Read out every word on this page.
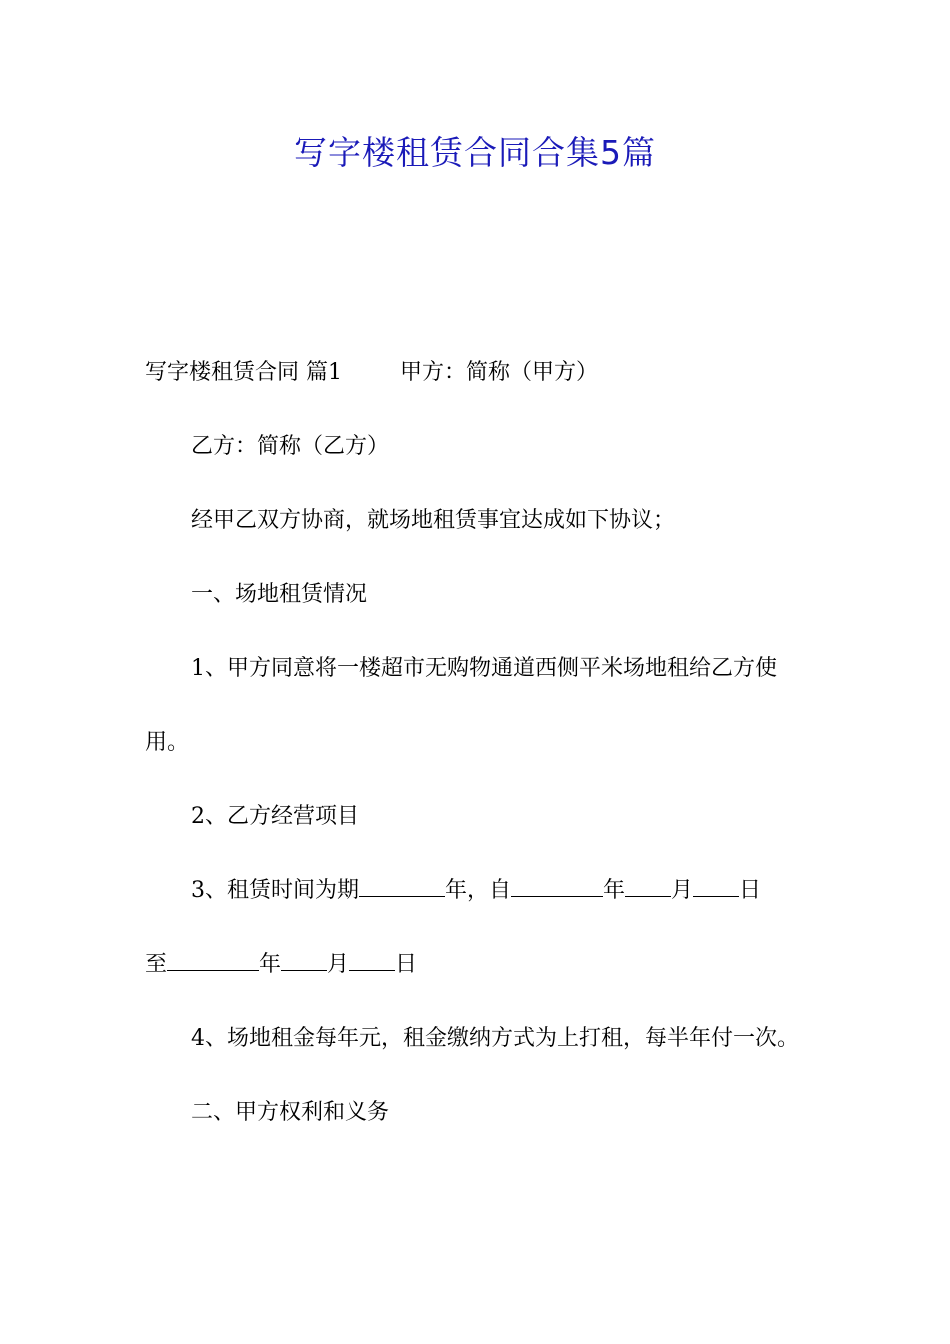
写字楼租赁合同合集5篇

写字楼租赁合同 篇1	甲方：简称（甲方）

乙方：简称（乙方）

经甲乙双方协商，就场地租赁事宜达成如下协议；

一、场地租赁情况

1、甲方同意将一楼超市无购物通道西侧平米场地租给乙方使用。

2、乙方经营项目

3、租赁时间为期	年，自	年 月 日

至	年 月 日

4、场地租金每年元，租金缴纳方式为上打租，每半年付一次。

二、甲方权利和义务
